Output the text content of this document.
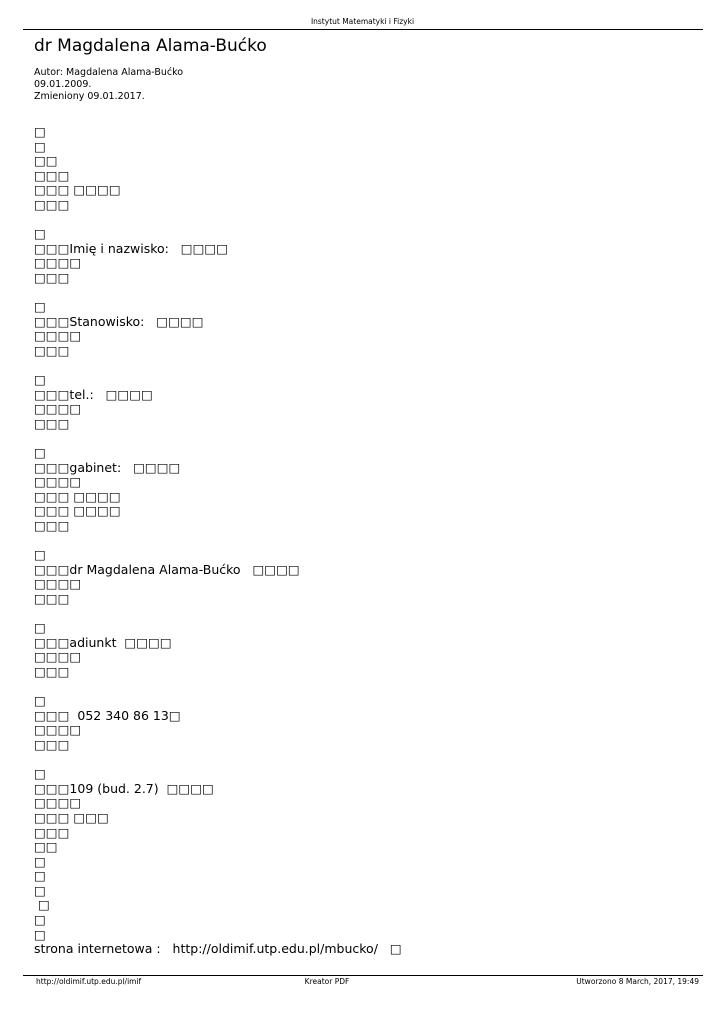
Instytut Matematyki i Fizyki
dr Magdalena Alama-Bućko
Autor: Magdalena Alama-Bućko
09.01.2009.
Zmieniony 09.01.2017.
□
□
□□
□□□
□□□ □□□□
□□□
□
□□□Imię i nazwisko:   □□□□
□□□□
□□□
□
□□□Stanowisko:   □□□□
□□□□
□□□
□
□□□tel.:   □□□□
□□□□
□□□
□
□□□gabinet:   □□□□
□□□□
□□□ □□□□
□□□ □□□□
□□□
□
□□□dr Magdalena Alama-Bućko   □□□□
□□□□
□□□
□
□□□adiunkt  □□□□
□□□□
□□□
□
□□□  052 340 86 13□
□□□□
□□□
□
□□□109 (bud. 2.7)  □□□□
□□□□
□□□ □□□
□□□
□□
□
□
□
□
□
□
strona internetowa :   http://oldimif.utp.edu.pl/mbucko/   □
http://oldimif.utp.edu.pl/imif	Kreator PDF	Utworzono 8 March, 2017, 19:49
